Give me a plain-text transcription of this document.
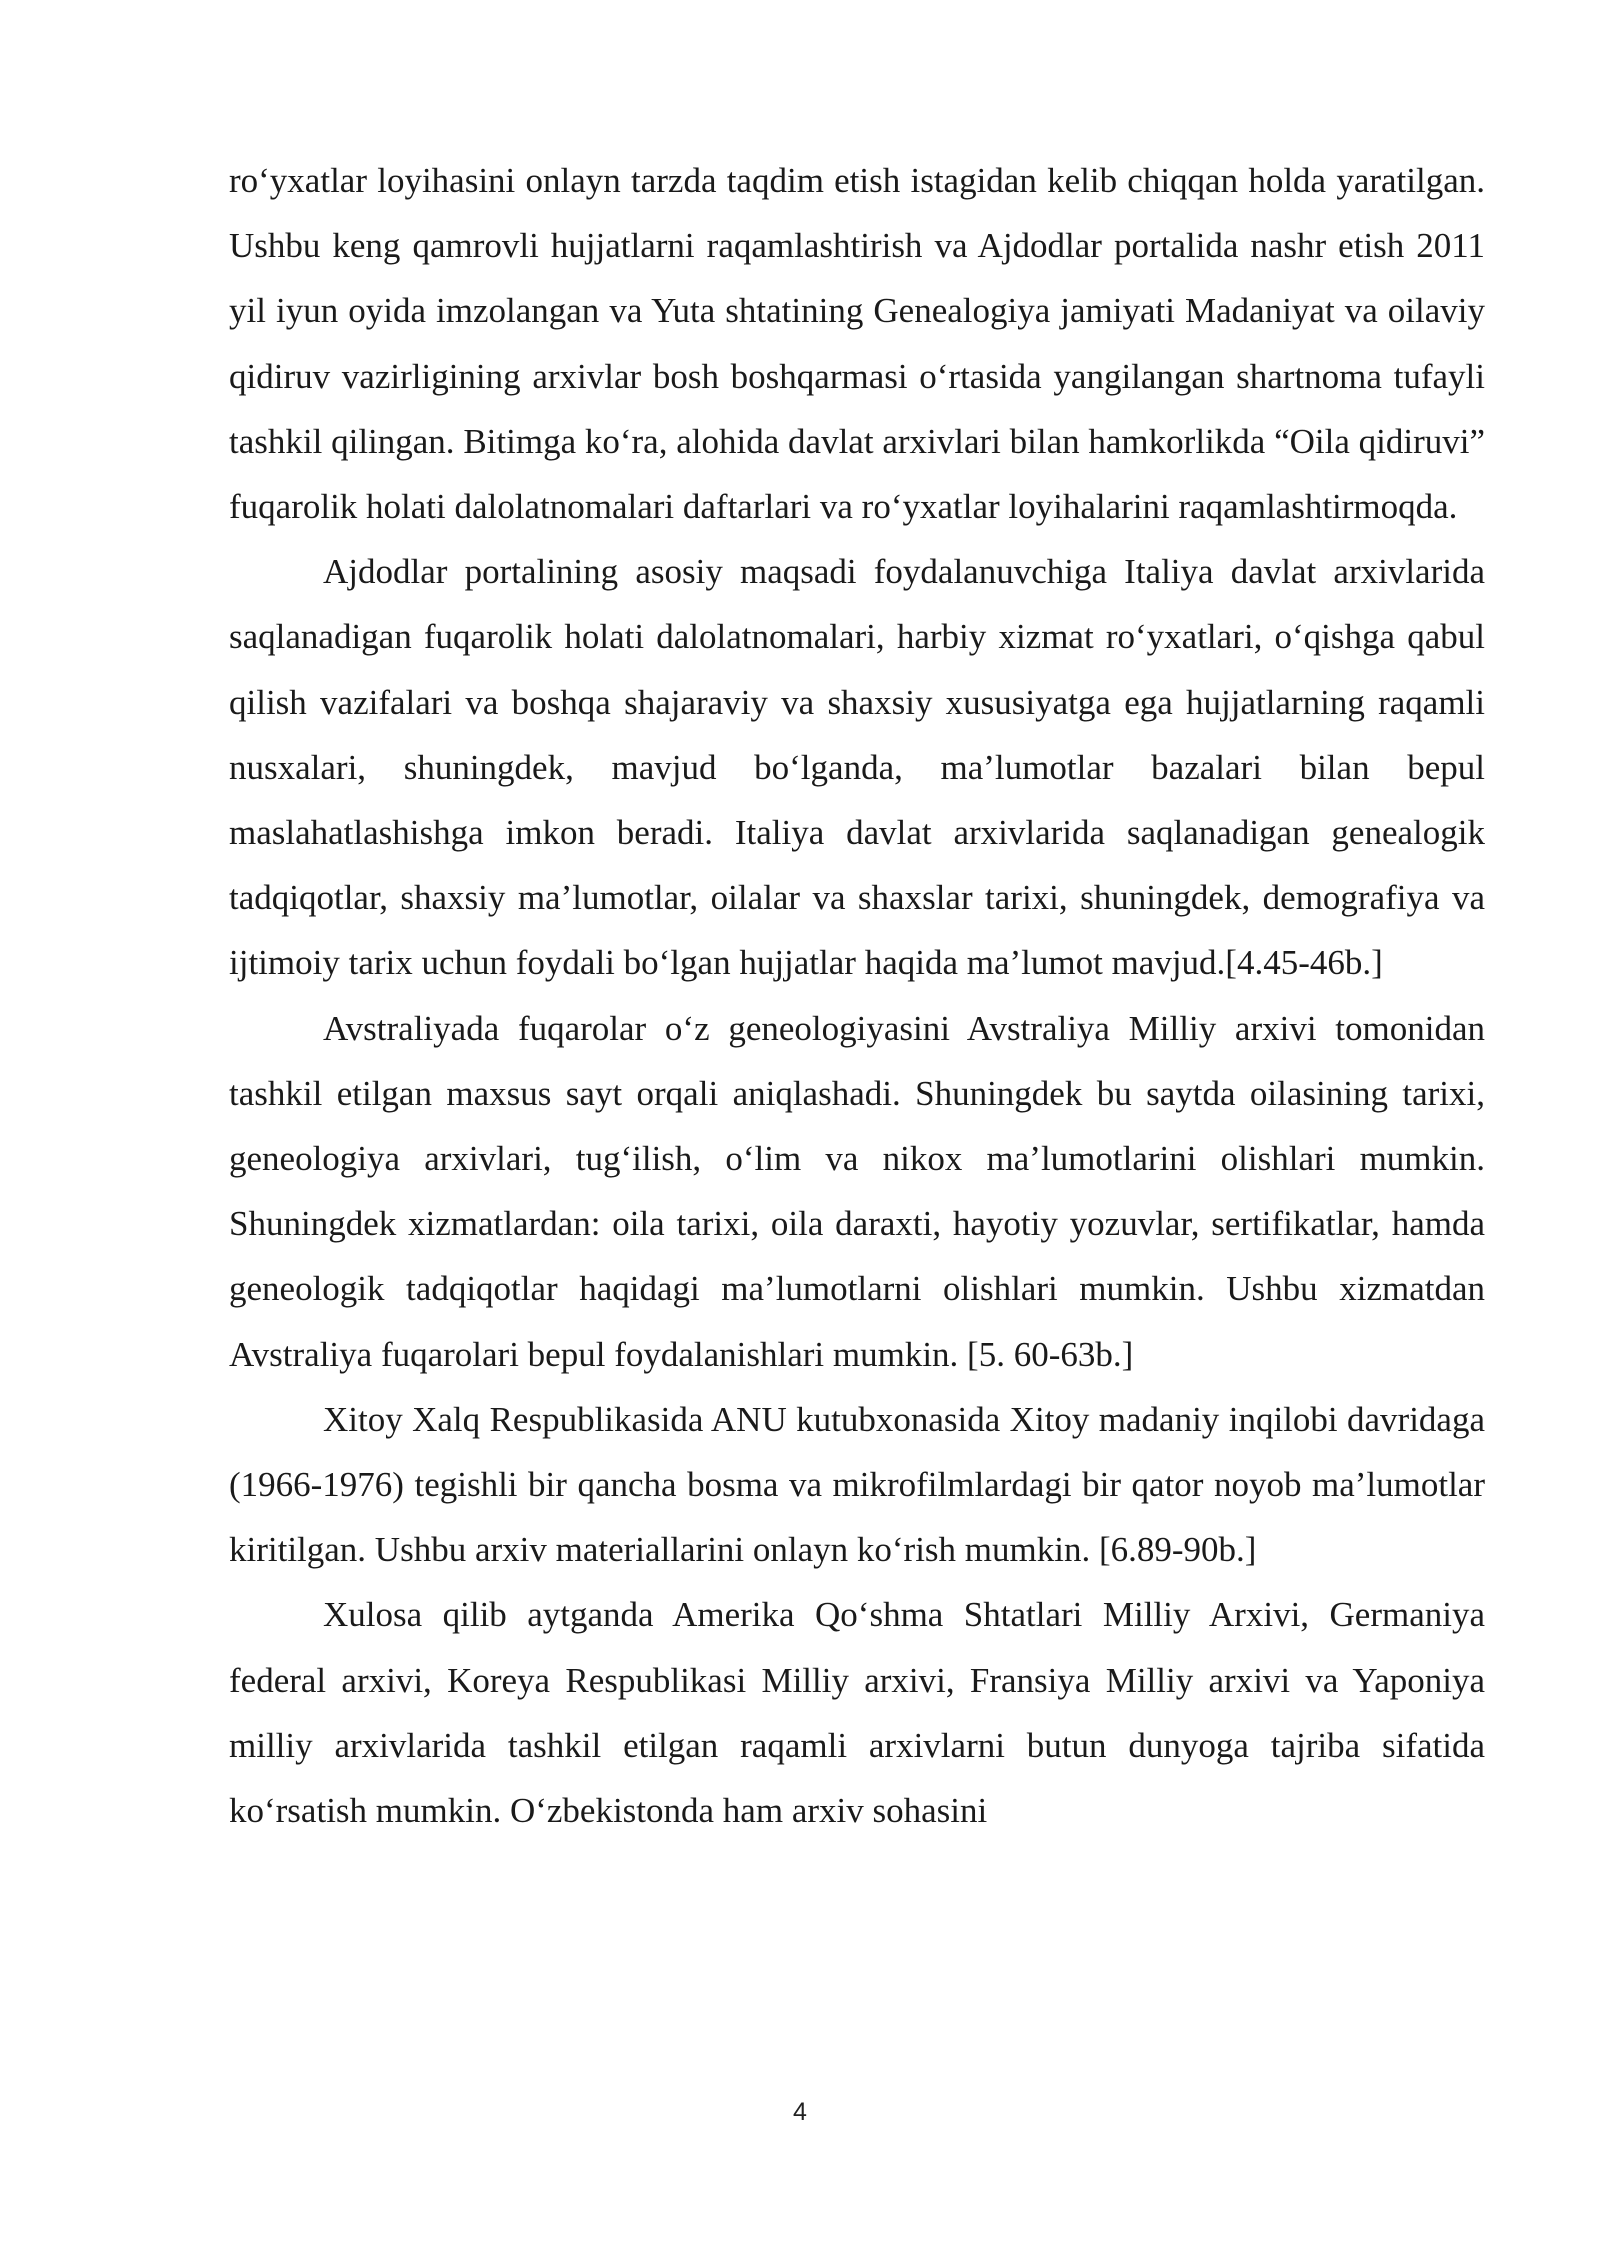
ro‘yxatlar loyihasini onlayn tarzda taqdim etish istagidan kelib chiqqan holda yaratilgan. Ushbu keng qamrovli hujjatlarni raqamlashtirish va Ajdodlar portalida nashr etish 2011 yil iyun oyida imzolangan va Yuta shtatining Genealogiya jamiyati Madaniyat va oilaviy qidiruv vazirligining arxivlar bosh boshqarmasi o‘rtasida yangilangan shartnoma tufayli tashkil qilingan. Bitimga ko‘ra, alohida davlat arxivlari bilan hamkorlikda “Oila qidiruvi” fuqarolik holati dalolatnomalari daftarlari va ro‘yxatlar loyihalarini raqamlashtirmoqda.

Ajdodlar portalining asosiy maqsadi foydalanuvchiga Italiya davlat arxivlarida saqlanadigan fuqarolik holati dalolatnomalari, harbiy xizmat ro‘yxatlari, o‘qishga qabul qilish vazifalari va boshqa shajaraviy va shaxsiy xususiyatga ega hujjatlarning raqamli nusxalari, shuningdek, mavjud bo‘lganda, ma’lumotlar bazalari bilan bepul maslahatlashishga imkon beradi. Italiya davlat arxivlarida saqlanadigan genealogik tadqiqotlar, shaxsiy ma’lumotlar, oilalar va shaxslar tarixi, shuningdek, demografiya va ijtimoiy tarix uchun foydali bo‘lgan hujjatlar haqida ma’lumot mavjud.[4.45-46b.]

Avstraliyada fuqarolar o‘z geneologiyasini Avstraliya Milliy arxivi tomonidan tashkil etilgan maxsus sayt orqali aniqlashadi. Shuningdek bu saytda oilasining tarixi, geneologiya arxivlari, tug‘ilish, o‘lim va nikox ma’lumotlarini olishlari mumkin. Shuningdek xizmatlardan: oila tarixi, oila daraxti, hayotiy yozuvlar, sertifikatlar, hamda geneologik tadqiqotlar haqidagi ma’lumotlarni olishlari mumkin. Ushbu xizmatdan Avstraliya fuqarolari bepul foydalanishlari mumkin. [5. 60-63b.]

Xitoy Xalq Respublikasida ANU kutubxonasida Xitoy madaniy inqilobi davridaga (1966-1976) tegishli bir qancha bosma va mikrofilmlardagi bir qator noyob ma’lumotlar kiritilgan. Ushbu arxiv materiallarini onlayn ko‘rish mumkin. [6.89-90b.]

Xulosa qilib aytganda Amerika Qo‘shma Shtatlari Milliy Arxivi, Germaniya federal arxivi, Koreya Respublikasi Milliy arxivi, Fransiya Milliy arxivi va Yaponiya milliy arxivlarida tashkil etilgan raqamli arxivlarni butun dunyoga tajriba sifatida ko‘rsatish mumkin. O‘zbekistonda ham arxiv sohasini

4
